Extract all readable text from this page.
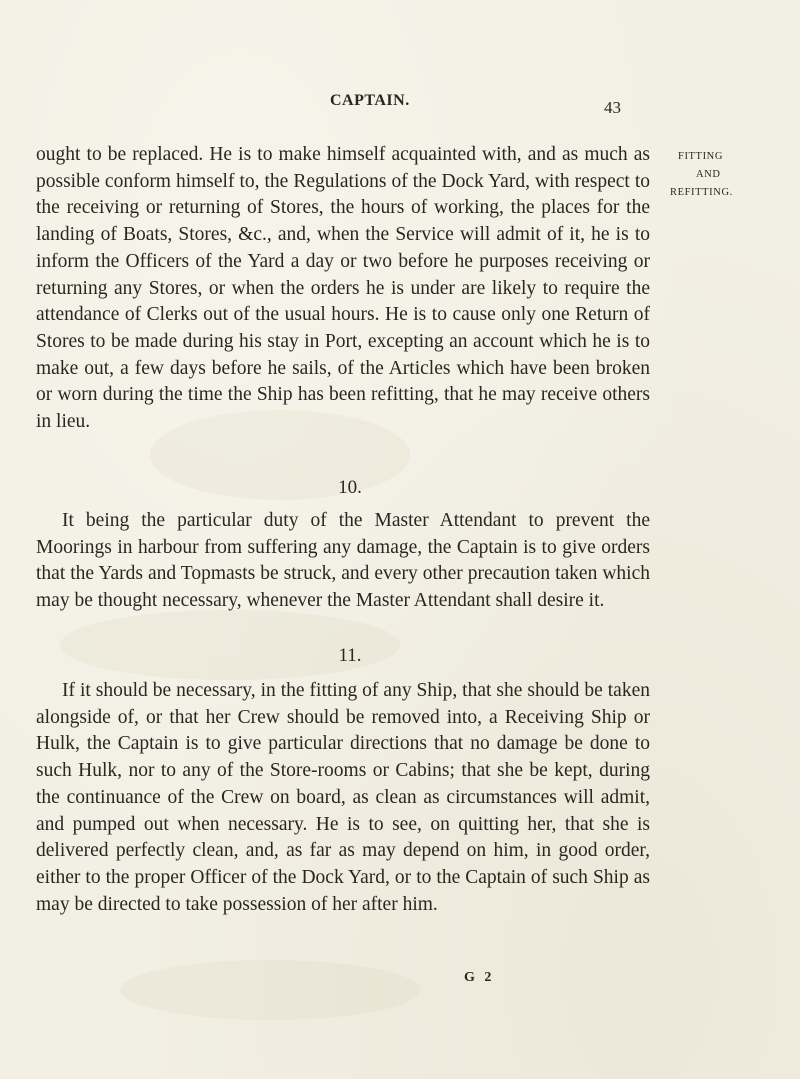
CAPTAIN.	43
FITTING
AND
REFITTING.

ought to be replaced. He is to make himself acquainted with, and as much as possible conform himself to, the Regulations of the Dock Yard, with respect to the receiving or returning of Stores, the hours of working, the places for the landing of Boats, Stores, &c., and, when the Service will admit of it, he is to inform the Officers of the Yard a day or two before he purposes receiving or returning any Stores, or when the orders he is under are likely to require the attendance of Clerks out of the usual hours. He is to cause only one Return of Stores to be made during his stay in Port, excepting an account which he is to make out, a few days before he sails, of the Articles which have been broken or worn during the time the Ship has been refitting, that he may receive others in lieu.

10.

It being the particular duty of the Master Attendant to prevent the Moorings in harbour from suffering any damage, the Captain is to give orders that the Yards and Topmasts be struck, and every other precaution taken which may be thought necessary, whenever the Master Attendant shall desire it.

11.

If it should be necessary, in the fitting of any Ship, that she should be taken alongside of, or that her Crew should be removed into, a Receiving Ship or Hulk, the Captain is to give particular directions that no damage be done to such Hulk, nor to any of the Store-rooms or Cabins; that she be kept, during the continuance of the Crew on board, as clean as circumstances will admit, and pumped out when necessary. He is to see, on quitting her, that she is delivered perfectly clean, and, as far as may depend on him, in good order, either to the proper Officer of the Dock Yard, or to the Captain of such Ship as may be directed to take possession of her after him.

G 2
